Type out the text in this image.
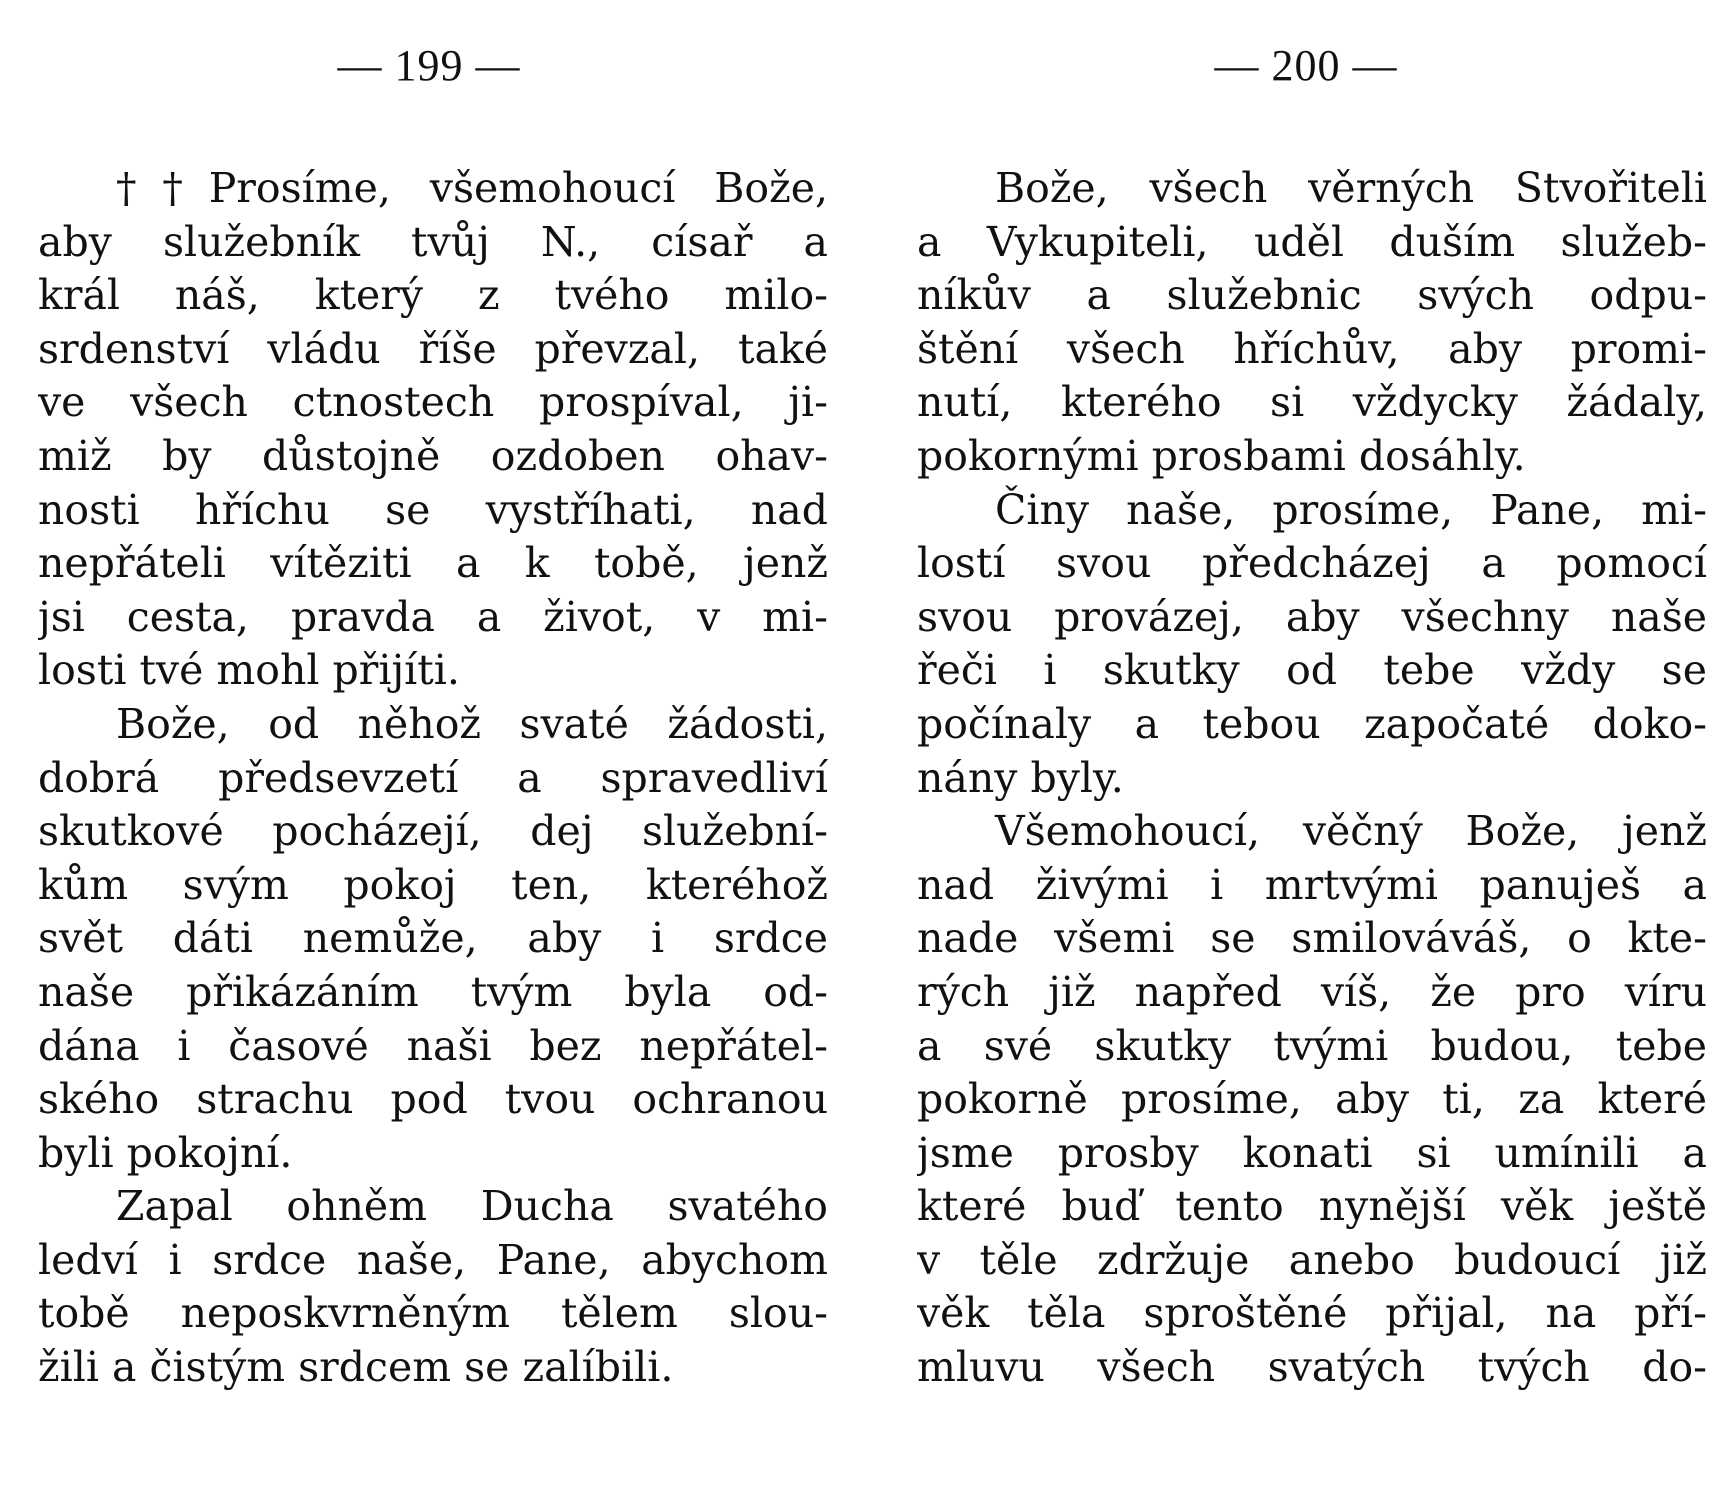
— 199 —
††Prosíme, všemohoucí Bože,
aby služebník tvůj N., císař a
král náš, který z tvého milo-
srdenství vládu říše převzal, také
ve všech ctnostech prospíval, ji-
miž by důstojně ozdoben ohav-
nosti hříchu se vystříhati, nad
nepřáteli vítěziti a k tobě, jenž
jsi cesta, pravda a život, v mi-
losti tvé mohl přijíti.
Bože, od něhož svaté žádosti,
dobrá předsevzetí a spravedliví
skutkové pocházejí, dej služební-
kům svým pokoj ten, kteréhož
svět dáti nemůže, aby i srdce
naše přikázáním tvým byla od-
dána i časové naši bez nepřátel-
ského strachu pod tvou ochranou
byli pokojní.
Zapal ohněm Ducha svatého
ledví i srdce naše, Pane, abychom
tobě neposkvrněným tělem slou-
žili a čistým srdcem se zalíbili.
— 200 —
Bože, všech věrných Stvořiteli
a Vykupiteli, uděl duším služeb-
níkův a služebnic svých odpu-
štění všech hříchův, aby promi-
nutí, kterého si vždycky žádaly,
pokornými prosbami dosáhly.
Činy naše, prosíme, Pane, mi-
lostí svou předcházej a pomocí
svou provázej, aby všechny naše
řeči i skutky od tebe vždy se
počínaly a tebou započaté doko-
nány byly.
Všemohoucí, věčný Bože, jenž
nad živými i mrtvými panuješ a
nade všemi se smilováváš, o kte-
rých již napřed víš, že pro víru
a své skutky tvými budou, tebe
pokorně prosíme, aby ti, za které
jsme prosby konati si umínili a
které buď tento nynější věk ještě
v těle zdržuje anebo budoucí již
věk těla sproštěné přijal, na pří-
mluvu všech svatých tvých do-
